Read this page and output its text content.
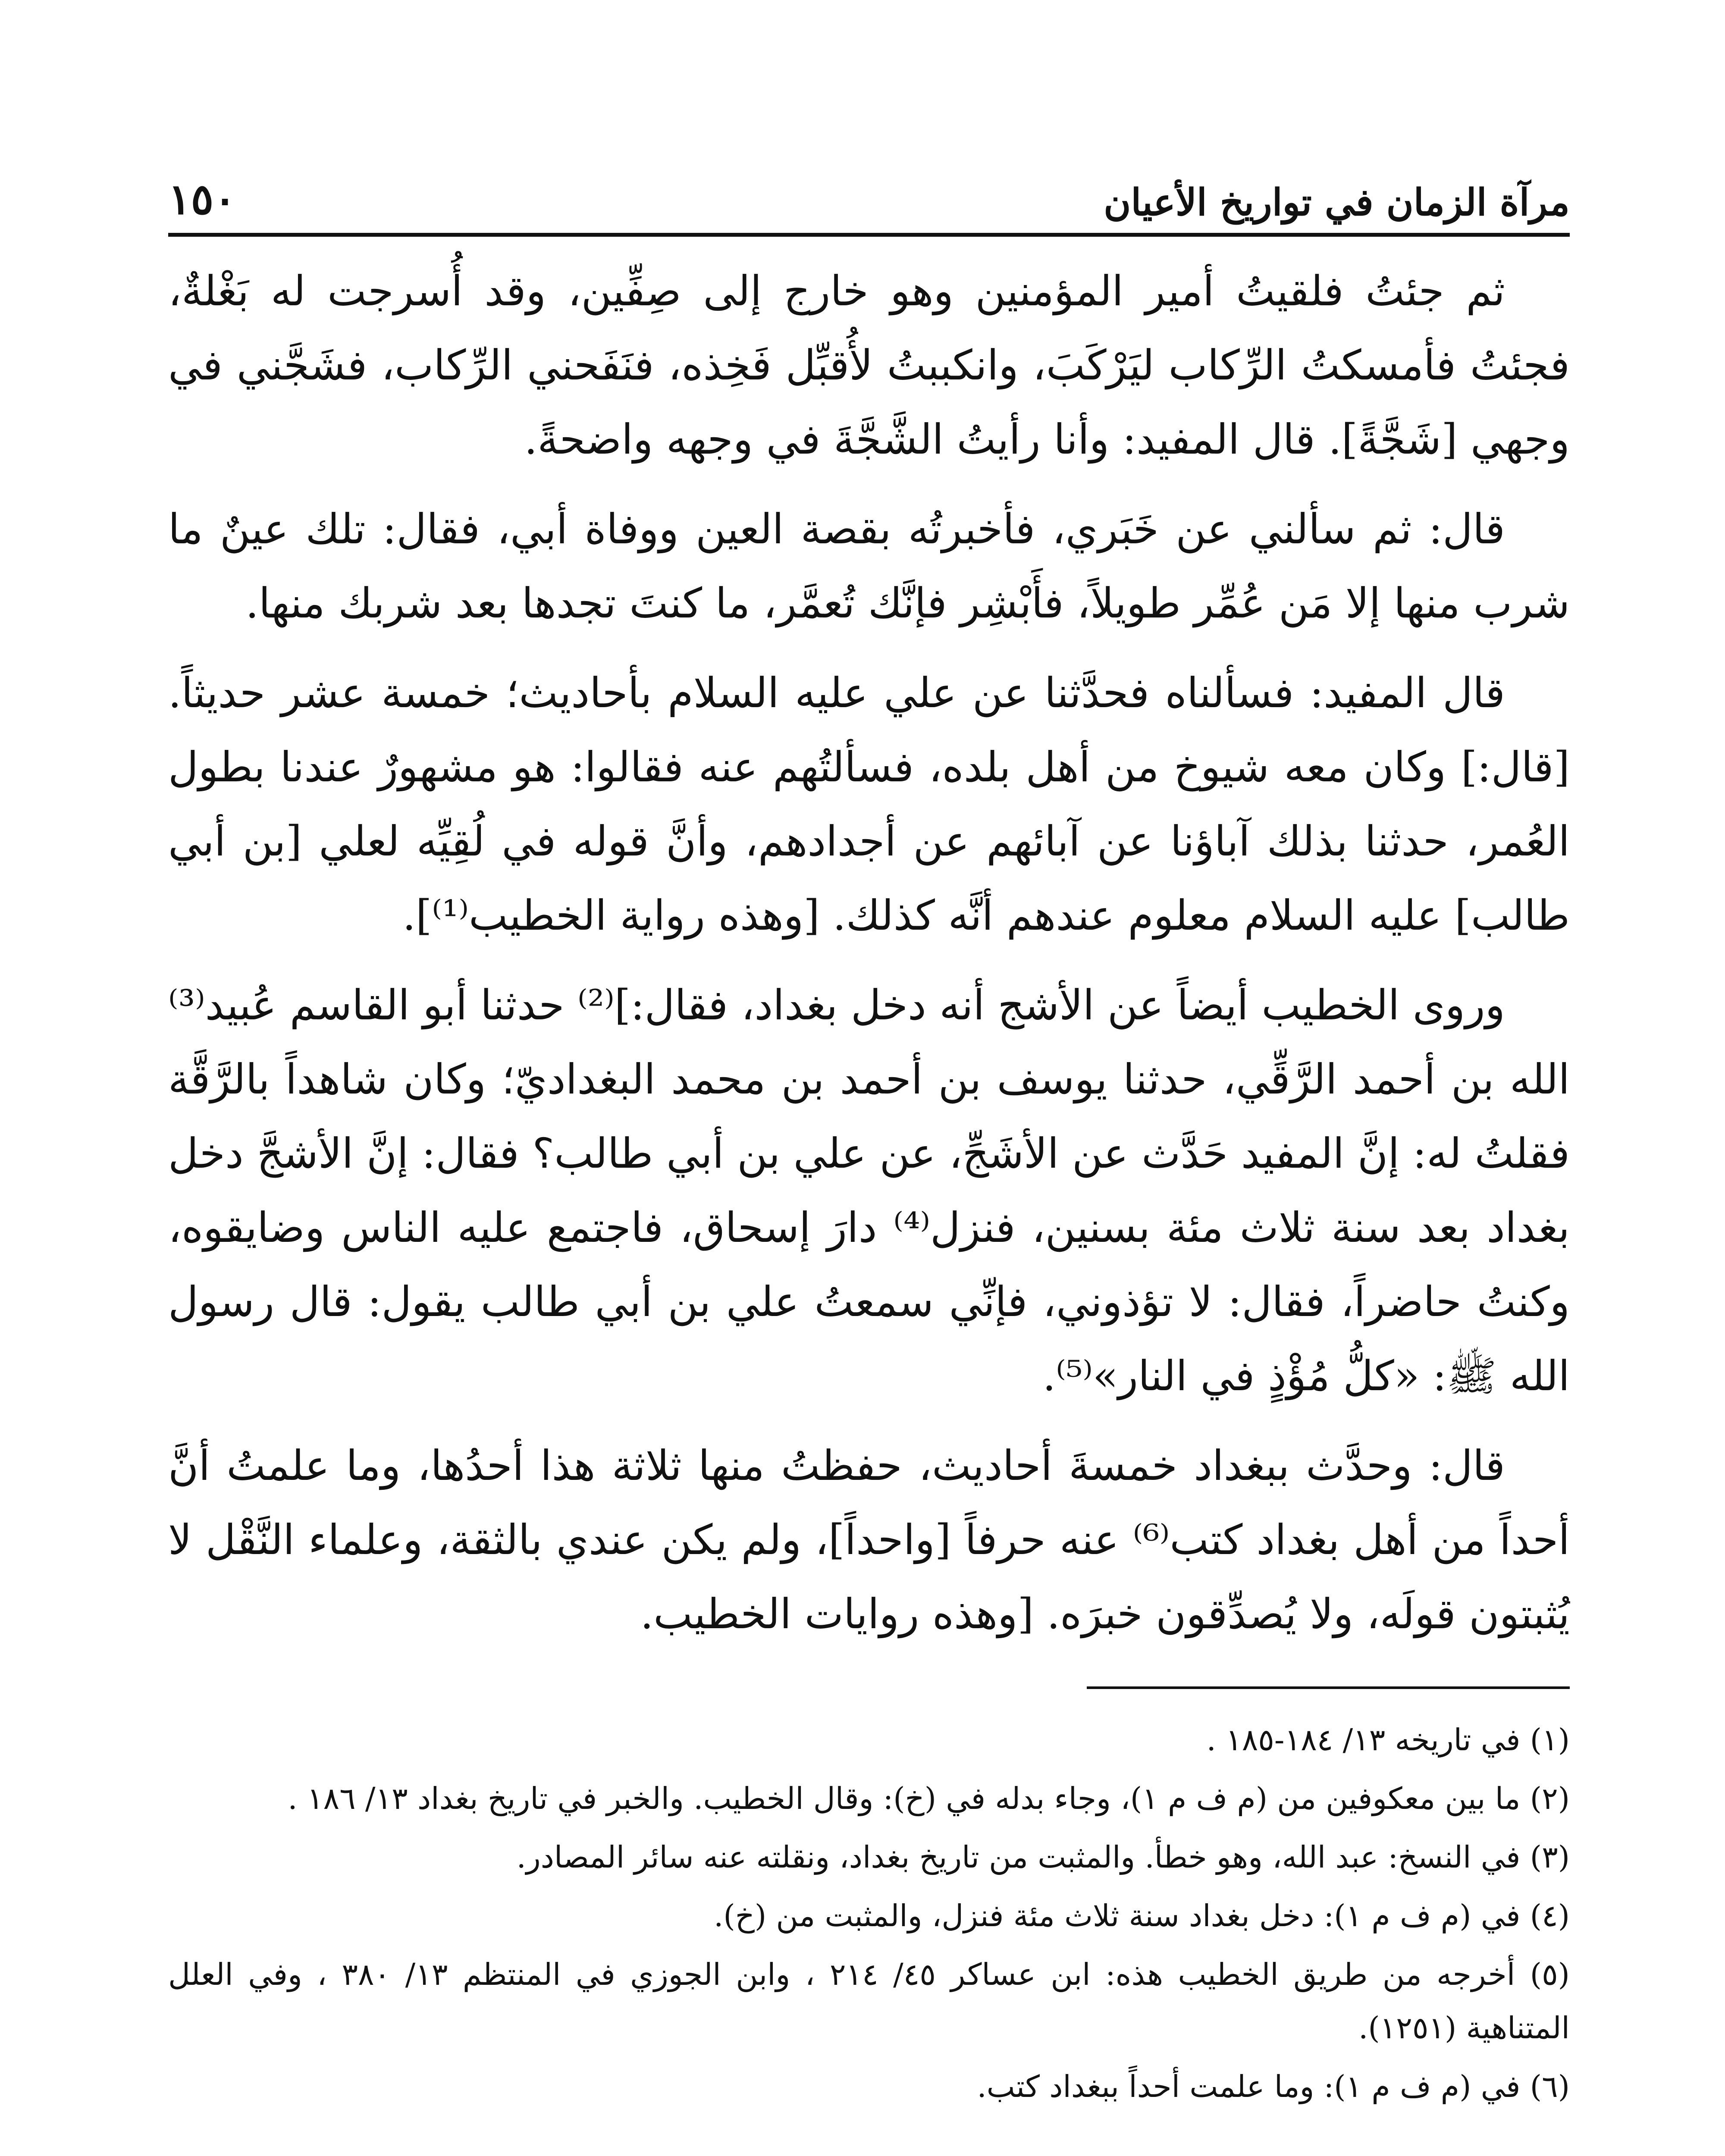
مرآة الزمان في تواريخ الأعيان
١٥٠

ثم جئتُ فلقيتُ أمير المؤمنين وهو خارج إلى صِفِّين، وقد أُسرجت له بَغْلةٌ، فجئتُ فأمسكتُ الرِّكاب ليَرْكَبَ، وانكببتُ لأُقبِّل فَخِذه، فنَفَحني الرِّكاب، فشَجَّني في وجهي [شَجَّةً]. قال المفيد: وأنا رأيتُ الشَّجَّةَ في وجهه واضحةً.

قال: ثم سألني عن خَبَري، فأخبرتُه بقصة العين ووفاة أبي، فقال: تلك عينٌ ما شرب منها إلا مَن عُمِّر طويلاً، فأَبْشِر فإنَّك تُعمَّر، ما كنتَ تجدها بعد شربك منها.

قال المفيد: فسألناه فحدَّثنا عن علي عليه السلام بأحاديث؛ خمسة عشر حديثاً. [قال:] وكان معه شيوخ من أهل بلده، فسألتُهم عنه فقالوا: هو مشهورٌ عندنا بطول العُمر، حدثنا بذلك آباؤنا عن آبائهم عن أجدادهم، وأنَّ قوله في لُقِيِّه لعلي [بن أبي طالب] عليه السلام معلوم عندهم أنَّه كذلك. [وهذه رواية الخطيب⁽¹⁾].

وروى الخطيب أيضاً عن الأشج أنه دخل بغداد، فقال:]⁽²⁾ حدثنا أبو القاسم عُبيد⁽³⁾ الله بن أحمد الرَّقِّي، حدثنا يوسف بن أحمد بن محمد البغداديّ؛ وكان شاهداً بالرَّقَّة فقلتُ له: إنَّ المفيد حَدَّث عن الأشَجِّ، عن علي بن أبي طالب؟ فقال: إنَّ الأشجَّ دخل بغداد بعد سنة ثلاث مئة بسنين، فنزل⁽⁴⁾ دارَ إسحاق، فاجتمع عليه الناس وضايقوه، وكنتُ حاضراً، فقال: لا تؤذوني، فإنِّي سمعتُ علي بن أبي طالب يقول: قال رسول الله ﷺ: «كلُّ مُؤْذٍ في النار»⁽⁵⁾.

قال: وحدَّث ببغداد خمسةَ أحاديث، حفظتُ منها ثلاثة هذا أحدُها، وما علمتُ أنَّ أحداً من أهل بغداد كتب⁽⁶⁾ عنه حرفاً [واحداً]، ولم يكن عندي بالثقة، وعلماء النَّقْل لا يُثبتون قولَه، ولا يُصدِّقون خبرَه. [وهذه روايات الخطيب.

(١) في تاريخه ١٣/ ١٨٤-١٨٥ .
(٢) ما بين معكوفين من (م ف م ١)، وجاء بدله في (خ): وقال الخطيب. والخبر في تاريخ بغداد ١٣/ ١٨٦ .
(٣) في النسخ: عبد الله، وهو خطأ. والمثبت من تاريخ بغداد، ونقلته عنه سائر المصادر.
(٤) في (م ف م ١): دخل بغداد سنة ثلاث مئة فنزل، والمثبت من (خ).
(٥) أخرجه من طريق الخطيب هذه: ابن عساكر ٤٥/ ٢١٤ ، وابن الجوزي في المنتظم ١٣/ ٣٨٠ ، وفي العلل المتناهية (١٢٥١).
(٦) في (م ف م ١): وما علمت أحداً ببغداد كتب.
